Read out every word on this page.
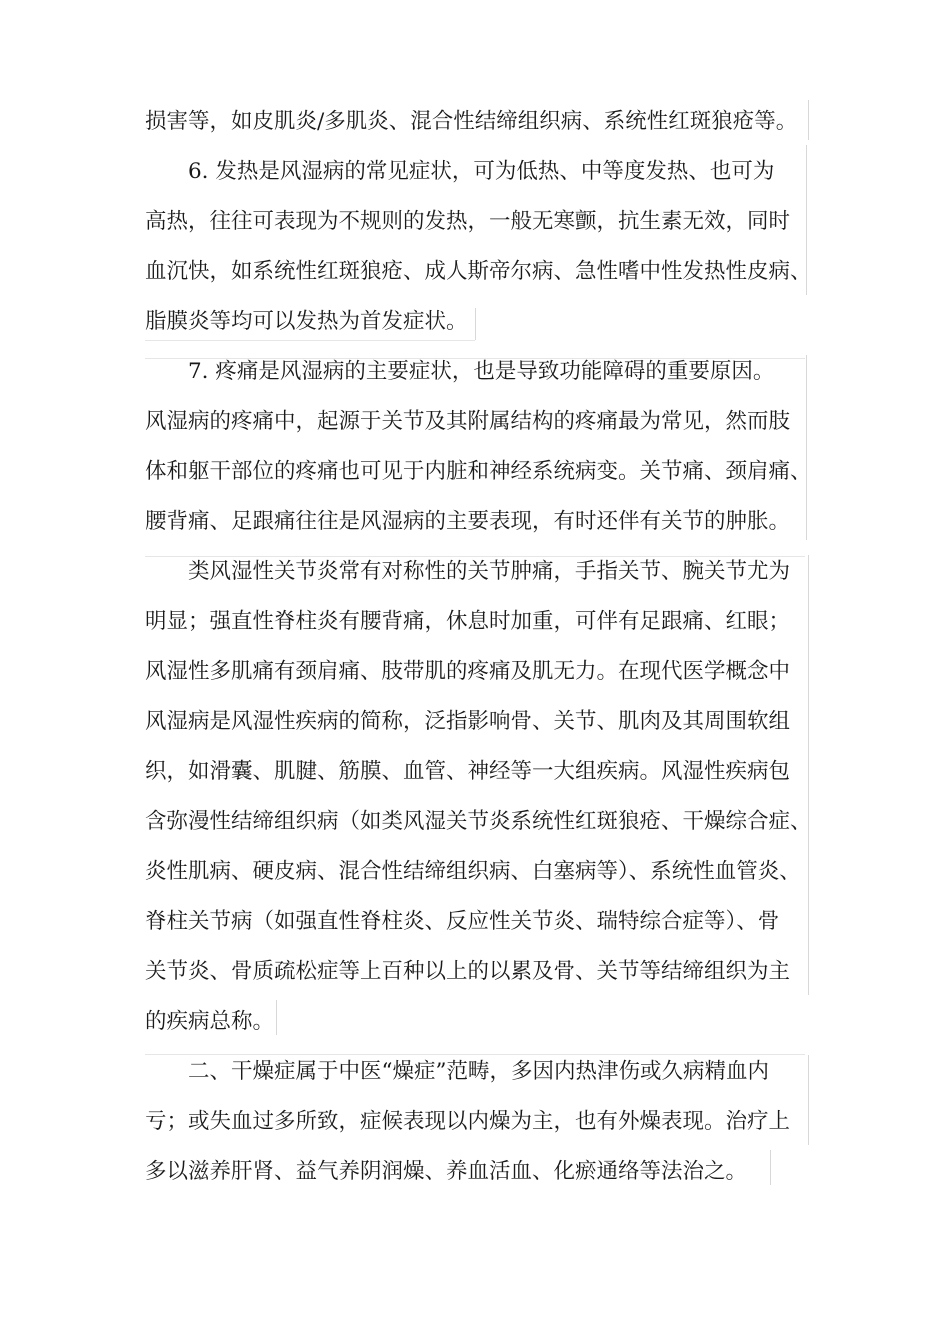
损害等，如皮肌炎/多肌炎、混合性结缔组织病、系统性红斑狼疮等。
6. 发热是风湿病的常见症状，可为低热、中等度发热、也可为
高热，往往可表现为不规则的发热，一般无寒颤，抗生素无效，同时
血沉快，如系统性红斑狼疮、成人斯帝尔病、急性嗜中性发热性皮病、
脂膜炎等均可以发热为首发症状。
7. 疼痛是风湿病的主要症状，也是导致功能障碍的重要原因。
风湿病的疼痛中，起源于关节及其附属结构的疼痛最为常见，然而肢
体和躯干部位的疼痛也可见于内脏和神经系统病变。关节痛、颈肩痛、
腰背痛、足跟痛往往是风湿病的主要表现，有时还伴有关节的肿胀。
类风湿性关节炎常有对称性的关节肿痛，手指关节、腕关节尤为
明显；强直性脊柱炎有腰背痛，休息时加重，可伴有足跟痛、红眼；
风湿性多肌痛有颈肩痛、肢带肌的疼痛及肌无力。在现代医学概念中
风湿病是风湿性疾病的简称，泛指影响骨、关节、肌肉及其周围软组
织，如滑囊、肌腱、筋膜、血管、神经等一大组疾病。风湿性疾病包
含弥漫性结缔组织病（如类风湿关节炎系统性红斑狼疮、干燥综合症、
炎性肌病、硬皮病、混合性结缔组织病、白塞病等）、系统性血管炎、
脊柱关节病（如强直性脊柱炎、反应性关节炎、瑞特综合症等）、骨
关节炎、骨质疏松症等上百种以上的以累及骨、关节等结缔组织为主
的疾病总称。
二、干燥症属于中医“燥症”范畴，多因内热津伤或久病精血内
亏；或失血过多所致，症候表现以内燥为主，也有外燥表现。治疗上
多以滋养肝肾、益气养阴润燥、养血活血、化瘀通络等法治之。
